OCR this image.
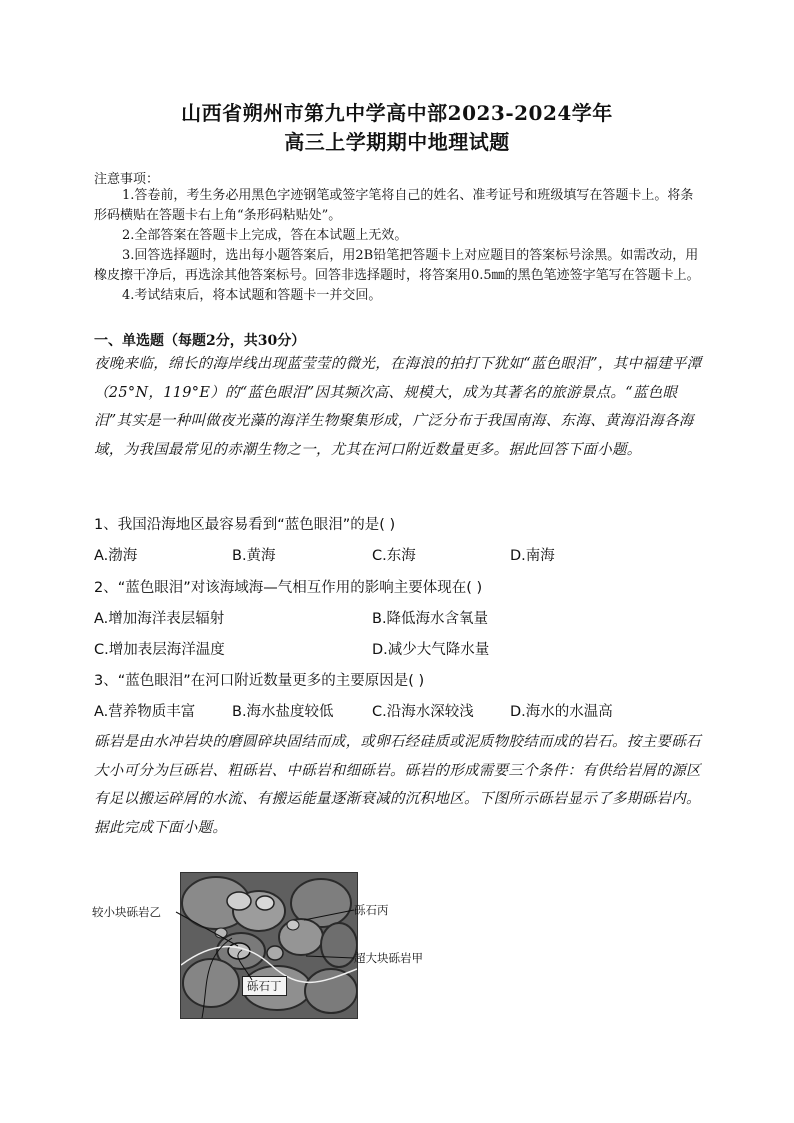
山西省朔州市第九中学高中部2023-2024学年
高三上学期期中地理试题
注意事项：

1.答卷前，考生务必用黑色字迹钢笔或签字笔将自己的姓名、准考证号和班级填写在答题卡上。将条形码横贴在答题卡右上角“条形码粘贴处”。

2.全部答案在答题卡上完成，答在本试题上无效。

3.回答选择题时，选出每小题答案后，用2B铅笔把答题卡上对应题目的答案标号涂黑。如需改动，用橡皮擦干净后，再选涂其他答案标号。回答非选择题时，将答案用0.5㎜的黑色笔迹签字笔写在答题卡上。

4.考试结束后，将本试题和答题卡一并交回。

一、单选题（每题2分，共30分）
夜晚来临，绵长的海岸线出现蓝莹莹的微光，在海浪的拍打下犹如“蓝色眼泪”，其中福建平潭（25°N，119°E）的“蓝色眼泪”因其频次高、规模大，成为其著名的旅游景点。“蓝色眼泪”其实是一种叫做夜光藻的海洋生物聚集形成，广泛分布于我国南海、东海、黄海沿海各海域，为我国最常见的赤潮生物之一，尤其在河口附近数量更多。据此回答下面小题。
1、我国沿海地区最容易看到“蓝色眼泪”的是( )
A.渤海	B.黄海	C.东海	D.南海
2、“蓝色眼泪”对该海域海—气相互作用的影响主要体现在( )
A.增加海洋表层辐射	B.降低海水含氧量
C.增加表层海洋温度	D.减少大气降水量
3、“蓝色眼泪”在河口附近数量更多的主要原因是( )
A.营养物质丰富	B.海水盐度较低	C.沿海水深较浅	D.海水的水温高
砾岩是由水冲岩块的磨圆碎块固结而成，或卵石经硅质或泥质物胶结而成的岩石。按主要砾石大小可分为巨砾岩、粗砾岩、中砾岩和细砾岩。砾岩的形成需要三个条件：有供给岩屑的源区有足以搬运碎屑的水流、有搬运能量逐渐衰减的沉积地区。下图所示砾岩显示了多期砾岩内。据此完成下面小题。
较小块砾岩乙	砾石丙
超大块砾岩甲
砾石丁
